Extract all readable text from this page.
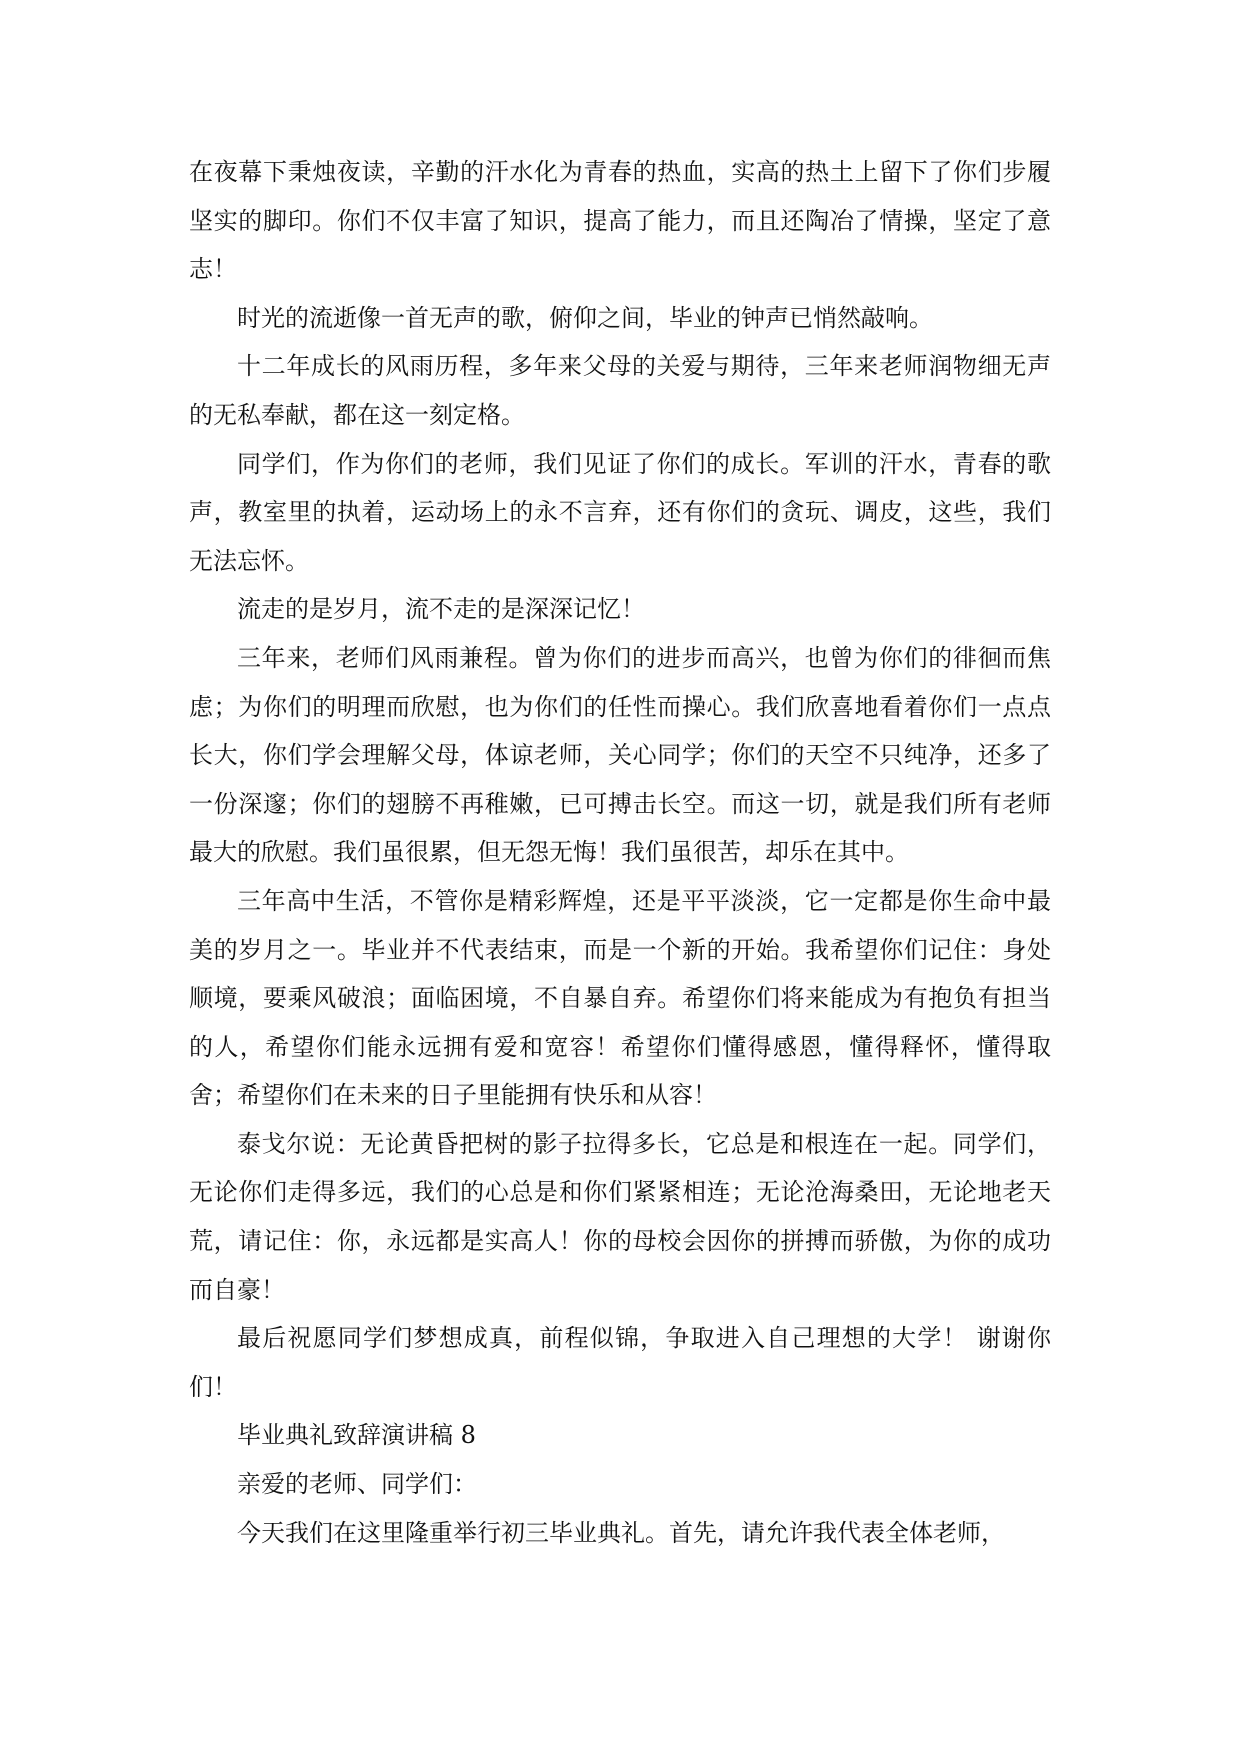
在夜幕下秉烛夜读，辛勤的汗水化为青春的热血，实高的热土上留下了你们步履坚实的脚印。你们不仅丰富了知识，提高了能力，而且还陶冶了情操，坚定了意志！

时光的流逝像一首无声的歌，俯仰之间，毕业的钟声已悄然敲响。

十二年成长的风雨历程，多年来父母的关爱与期待，三年来老师润物细无声的无私奉献，都在这一刻定格。

同学们，作为你们的老师，我们见证了你们的成长。军训的汗水，青春的歌声，教室里的执着，运动场上的永不言弃，还有你们的贪玩、调皮，这些，我们无法忘怀。

流走的是岁月，流不走的是深深记忆！

三年来，老师们风雨兼程。曾为你们的进步而高兴，也曾为你们的徘徊而焦虑；为你们的明理而欣慰，也为你们的任性而操心。我们欣喜地看着你们一点点长大，你们学会理解父母，体谅老师，关心同学；你们的天空不只纯净，还多了一份深邃；你们的翅膀不再稚嫩，已可搏击长空。而这一切，就是我们所有老师最大的欣慰。我们虽很累，但无怨无悔！我们虽很苦，却乐在其中。

三年高中生活，不管你是精彩辉煌，还是平平淡淡，它一定都是你生命中最美的岁月之一。毕业并不代表结束，而是一个新的开始。我希望你们记住：身处顺境，要乘风破浪；面临困境，不自暴自弃。希望你们将来能成为有抱负有担当的人，希望你们能永远拥有爱和宽容！希望你们懂得感恩，懂得释怀，懂得取舍；希望你们在未来的日子里能拥有快乐和从容！

泰戈尔说：无论黄昏把树的影子拉得多长，它总是和根连在一起。同学们，无论你们走得多远，我们的心总是和你们紧紧相连；无论沧海桑田，无论地老天荒，请记住：你，永远都是实高人！你的母校会因你的拼搏而骄傲，为你的成功而自豪！

最后祝愿同学们梦想成真，前程似锦，争取进入自己理想的大学！ 谢谢你们！

毕业典礼致辞演讲稿 8

亲爱的老师、同学们：

今天我们在这里隆重举行初三毕业典礼。首先，请允许我代表全体老师，
